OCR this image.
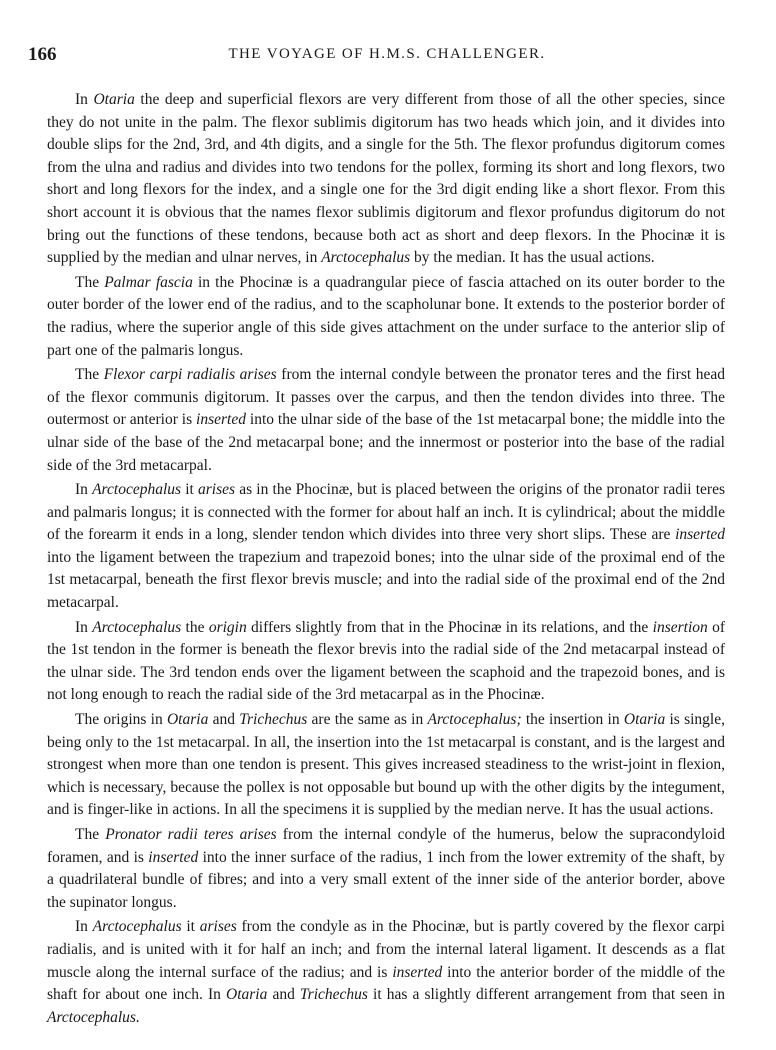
166	THE VOYAGE OF H.M.S. CHALLENGER.

In Otaria the deep and superficial flexors are very different from those of all the other species, since they do not unite in the palm. The flexor sublimis digitorum has two heads which join, and it divides into double slips for the 2nd, 3rd, and 4th digits, and a single for the 5th. The flexor profundus digitorum comes from the ulna and radius and divides into two tendons for the pollex, forming its short and long flexors, two short and long flexors for the index, and a single one for the 3rd digit ending like a short flexor. From this short account it is obvious that the names flexor sublimis digitorum and flexor profundus digitorum do not bring out the functions of these tendons, because both act as short and deep flexors. In the Phocinæ it is supplied by the median and ulnar nerves, in Arctocephalus by the median. It has the usual actions.

The Palmar fascia in the Phocinæ is a quadrangular piece of fascia attached on its outer border to the outer border of the lower end of the radius, and to the scapholunar bone. It extends to the posterior border of the radius, where the superior angle of this side gives attachment on the under surface to the anterior slip of part one of the palmaris longus.

The Flexor carpi radialis arises from the internal condyle between the pronator teres and the first head of the flexor communis digitorum. It passes over the carpus, and then the tendon divides into three. The outermost or anterior is inserted into the ulnar side of the base of the 1st metacarpal bone; the middle into the ulnar side of the base of the 2nd metacarpal bone; and the innermost or posterior into the base of the radial side of the 3rd metacarpal.

In Arctocephalus it arises as in the Phocinæ, but is placed between the origins of the pronator radii teres and palmaris longus; it is connected with the former for about half an inch. It is cylindrical; about the middle of the forearm it ends in a long, slender tendon which divides into three very short slips. These are inserted into the ligament between the trapezium and trapezoid bones; into the ulnar side of the proximal end of the 1st metacarpal, beneath the first flexor brevis muscle; and into the radial side of the proximal end of the 2nd metacarpal.

In Arctocephalus the origin differs slightly from that in the Phocinæ in its relations, and the insertion of the 1st tendon in the former is beneath the flexor brevis into the radial side of the 2nd metacarpal instead of the ulnar side. The 3rd tendon ends over the ligament between the scaphoid and the trapezoid bones, and is not long enough to reach the radial side of the 3rd metacarpal as in the Phocinæ.

The origins in Otaria and Trichechus are the same as in Arctocephalus; the insertion in Otaria is single, being only to the 1st metacarpal. In all, the insertion into the 1st metacarpal is constant, and is the largest and strongest when more than one tendon is present. This gives increased steadiness to the wrist-joint in flexion, which is necessary, because the pollex is not opposable but bound up with the other digits by the integument, and is finger-like in actions. In all the specimens it is supplied by the median nerve. It has the usual actions.

The Pronator radii teres arises from the internal condyle of the humerus, below the supracondyloid foramen, and is inserted into the inner surface of the radius, 1 inch from the lower extremity of the shaft, by a quadrilateral bundle of fibres; and into a very small extent of the inner side of the anterior border, above the supinator longus.

In Arctocephalus it arises from the condyle as in the Phocinæ, but is partly covered by the flexor carpi radialis, and is united with it for half an inch; and from the internal lateral ligament. It descends as a flat muscle along the internal surface of the radius; and is inserted into the anterior border of the middle of the shaft for about one inch. In Otaria and Trichechus it has a slightly different arrangement from that seen in Arctocephalus.
